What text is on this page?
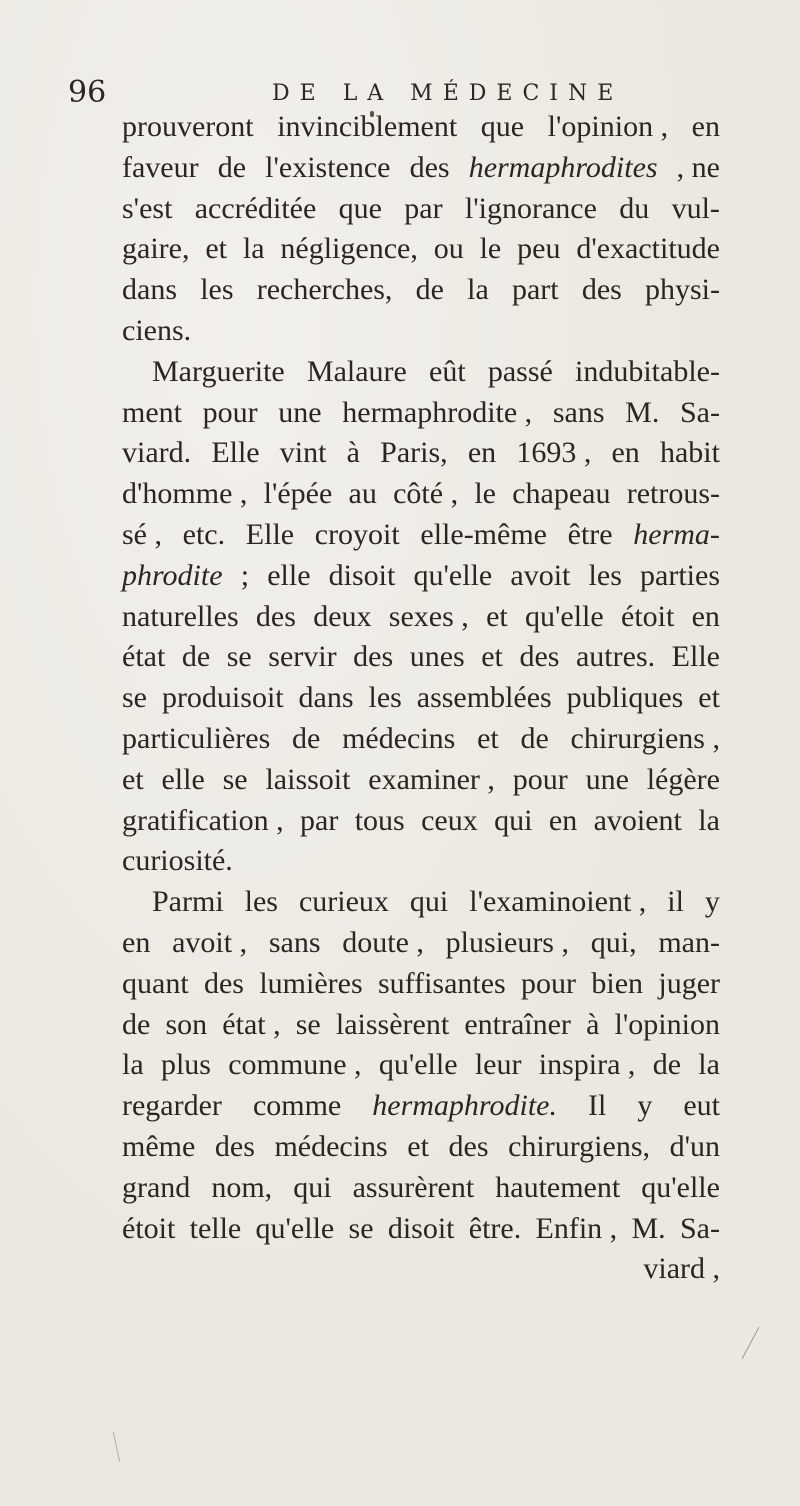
96	DE LA MÉDECINE
prouveront invinciblement que l'opinion , en
faveur de l'existence des hermaphrodites , ne
s'est accréditée que par l'ignorance du vul-
gaire, et la négligence, ou le peu d'exactitude
dans les recherches, de la part des physi-
ciens.
Marguerite Malaure eût passé indubitable-
ment pour une hermaphrodite , sans M. Sa-
viard. Elle vint à Paris, en 1693 , en habit
d'homme , l'épée au côté , le chapeau retrous-
sé , etc. Elle croyoit elle-même être herma-
phrodite ; elle disoit qu'elle avoit les parties
naturelles des deux sexes , et qu'elle étoit en
état de se servir des unes et des autres. Elle
se produisoit dans les assemblées publiques et
particulières de médecins et de chirurgiens ,
et elle se laissoit examiner , pour une légère
gratification , par tous ceux qui en avoient la
curiosité.
Parmi les curieux qui l'examinoient , il y
en avoit , sans doute , plusieurs , qui, man-
quant des lumières suffisantes pour bien juger
de son état , se laissèrent entraîner à l'opinion
la plus commune , qu'elle leur inspira , de la
regarder comme hermaphrodite. Il y eut
même des médecins et des chirurgiens, d'un
grand nom, qui assurèrent hautement qu'elle
étoit telle qu'elle se disoit être. Enfin , M. Sa-
viard ,
